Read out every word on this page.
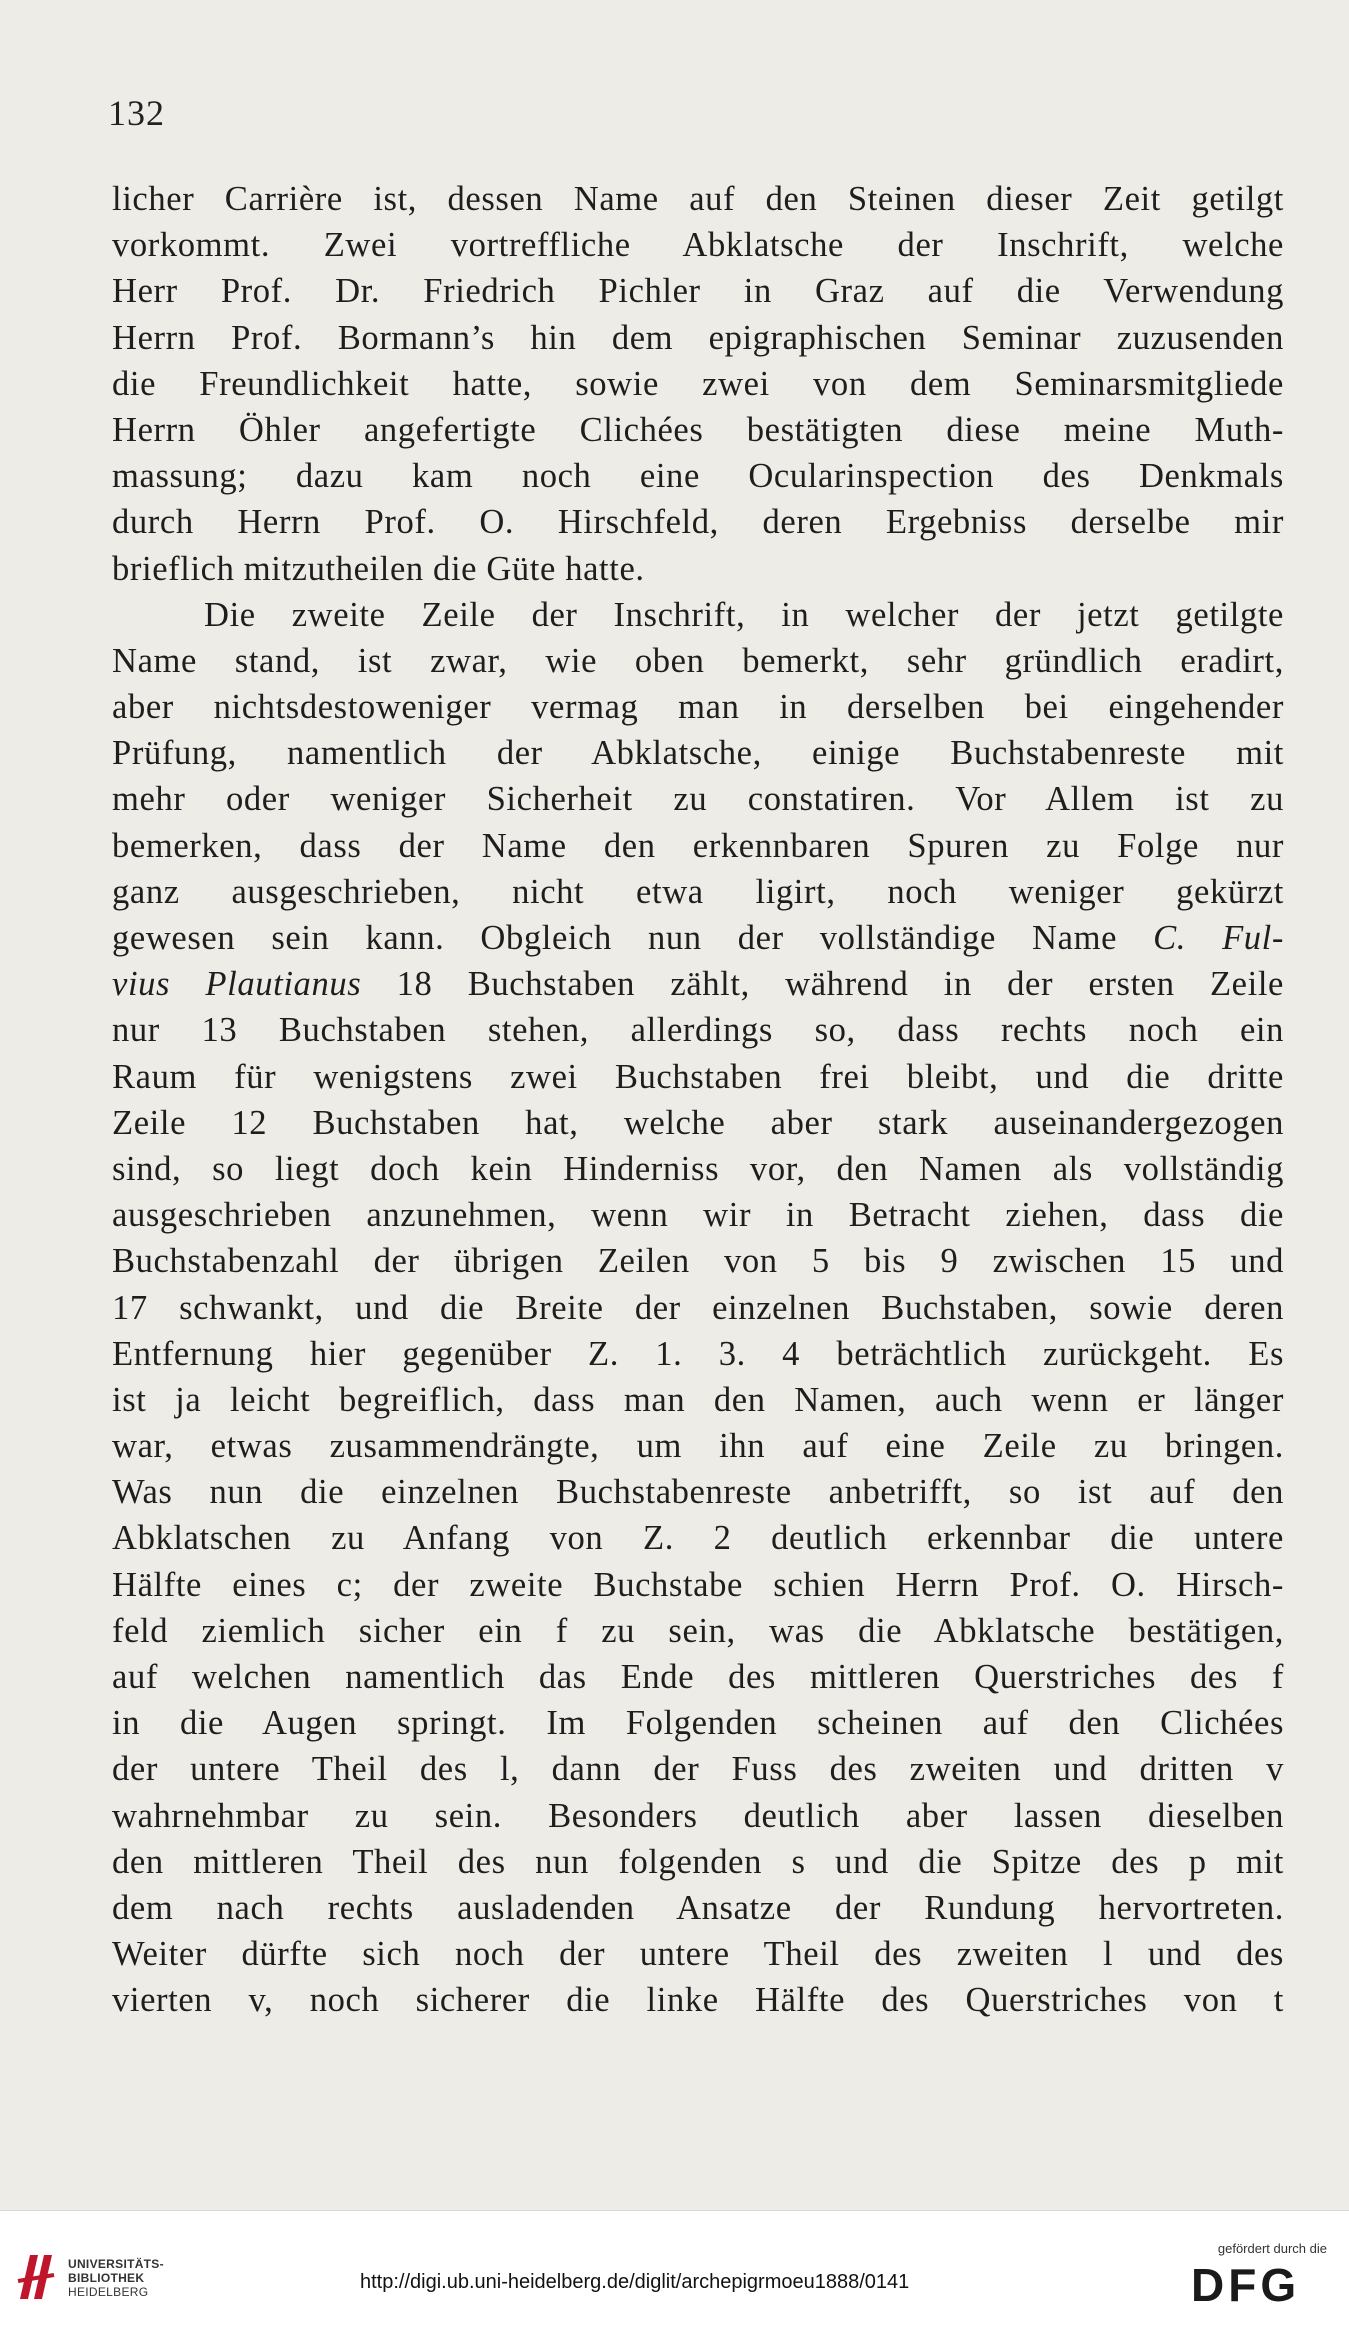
132
licher Carrière ist, dessen Name auf den Steinen dieser Zeit getilgt
vorkommt. Zwei vortreffliche Abklatsche der Inschrift, welche
Herr Prof. Dr. Friedrich Pichler in Graz auf die Verwendung
Herrn Prof. Bormann’s hin dem epigraphischen Seminar zuzusenden
die Freundlichkeit hatte, sowie zwei von dem Seminarsmitgliede
Herrn Öhler angefertigte Clichées bestätigten diese meine Muth-
massung; dazu kam noch eine Ocularinspection des Denkmals
durch Herrn Prof. O. Hirschfeld, deren Ergebniss derselbe mir
brieflich mitzutheilen die Güte hatte.
Die zweite Zeile der Inschrift, in welcher der jetzt getilgte
Name stand, ist zwar, wie oben bemerkt, sehr gründlich eradirt,
aber nichtsdestoweniger vermag man in derselben bei eingehender
Prüfung, namentlich der Abklatsche, einige Buchstabenreste mit
mehr oder weniger Sicherheit zu constatiren. Vor Allem ist zu
bemerken, dass der Name den erkennbaren Spuren zu Folge nur
ganz ausgeschrieben, nicht etwa ligirt, noch weniger gekürzt
gewesen sein kann. Obgleich nun der vollständige Name C. Ful-
vius Plautianus 18 Buchstaben zählt, während in der ersten Zeile
nur 13 Buchstaben stehen, allerdings so, dass rechts noch ein
Raum für wenigstens zwei Buchstaben frei bleibt, und die dritte
Zeile 12 Buchstaben hat, welche aber stark auseinandergezogen
sind, so liegt doch kein Hinderniss vor, den Namen als vollständig
ausgeschrieben anzunehmen, wenn wir in Betracht ziehen, dass die
Buchstabenzahl der übrigen Zeilen von 5 bis 9 zwischen 15 und
17 schwankt, und die Breite der einzelnen Buchstaben, sowie deren
Entfernung hier gegenüber Z. 1. 3. 4 beträchtlich zurückgeht. Es
ist ja leicht begreiflich, dass man den Namen, auch wenn er länger
war, etwas zusammendrängte, um ihn auf eine Zeile zu bringen.
Was nun die einzelnen Buchstabenreste anbetrifft, so ist auf den
Abklatschen zu Anfang von Z. 2 deutlich erkennbar die untere
Hälfte eines c; der zweite Buchstabe schien Herrn Prof. O. Hirsch-
feld ziemlich sicher ein f zu sein, was die Abklatsche bestätigen,
auf welchen namentlich das Ende des mittleren Querstriches des f
in die Augen springt. Im Folgenden scheinen auf den Clichées
der untere Theil des l, dann der Fuss des zweiten und dritten v
wahrnehmbar zu sein. Besonders deutlich aber lassen dieselben
den mittleren Theil des nun folgenden s und die Spitze des p mit
dem nach rechts ausladenden Ansatze der Rundung hervortreten.
Weiter dürfte sich noch der untere Theil des zweiten l und des
vierten v, noch sicherer die linke Hälfte des Querstriches von t
UNIVERSITÄTS-
BIBLIOTHEK
HEIDELBERG	http://digi.ub.uni-heidelberg.de/diglit/archepigrmoeu1888/0141
gefördert durch die
DFG
